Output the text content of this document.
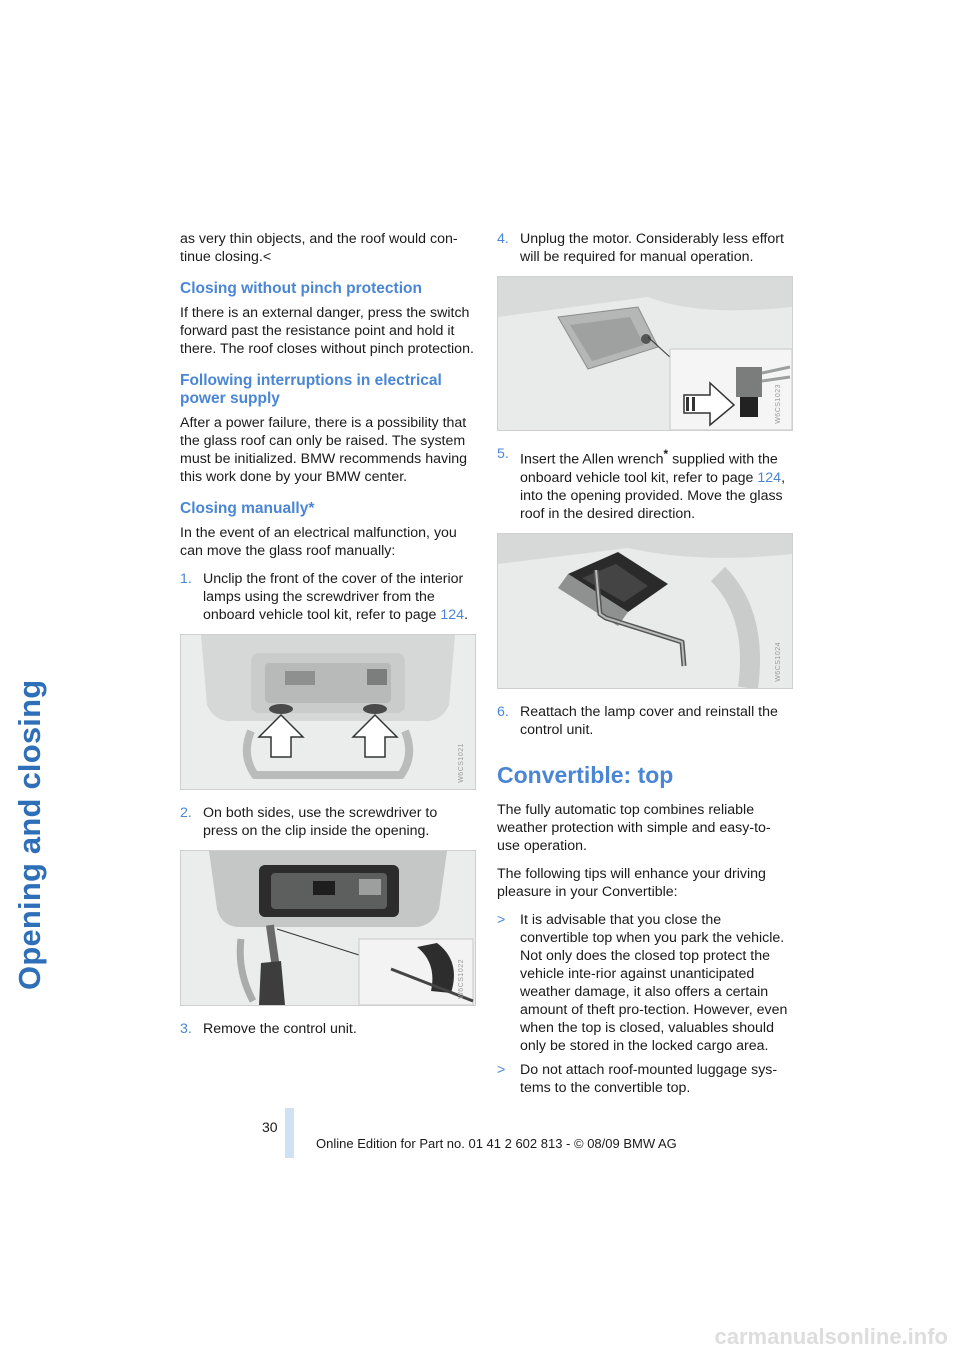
Opening and closing

as very thin objects, and the roof would con-tinue closing.<

Closing without pinch protection

If there is an external danger, press the switch forward past the resistance point and hold it there. The roof closes without pinch protection.

Following interruptions in electrical power supply

After a power failure, there is a possibility that the glass roof can only be raised. The system must be initialized. BMW recommends having this work done by your BMW center.

Closing manually*

In the event of an electrical malfunction, you can move the glass roof manually:

1. Unclip the front of the cover of the interior lamps using the screwdriver from the onboard vehicle tool kit, refer to page 124.
W6CS1021
2. On both sides, use the screwdriver to press on the clip inside the opening.
W6CS1022
3. Remove the control unit.
4. Unplug the motor. Considerably less effort will be required for manual operation.
W6CS1023
5. Insert the Allen wrench* supplied with the onboard vehicle tool kit, refer to page 124, into the opening provided. Move the glass roof in the desired direction.
W6CS1024
6. Reattach the lamp cover and reinstall the control unit.
Convertible: top

The fully automatic top combines reliable weather protection with simple and easy-to-use operation.

The following tips will enhance your driving pleasure in your Convertible:

>	It is advisable that you close the convertible top when you park the vehicle. Not only does the closed top protect the vehicle inte-rior against unanticipated weather damage, it also offers a certain amount of theft pro-tection. However, even when the top is closed, valuables should only be stored in the locked cargo area.
>	Do not attach roof-mounted luggage sys-tems to the convertible top.
30
Online Edition for Part no. 01 41 2 602 813 - © 08/09 BMW AG
carmanualsonline.info
